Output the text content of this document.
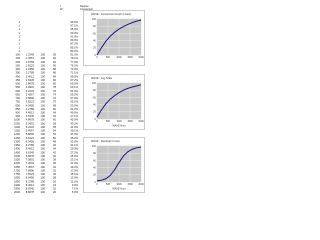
I
W
Degree
Conversion
1	99.0%
1	97.1%
1	95.0%
1	93.0%
1	91.0%
1	89.0%
1	87.2%
1	85.1%
1	83.2%
100 1.2345 100	95	81.0%
150 1.4567 100	94	79.1%
200 1.6789 100	92	77.0%
250 1.8123 100	90	75.2%
300 2.0456 100	88	73.0%
350 2.2789 100	86	71.1%
400 2.4012 100	84	69.0%
450 2.6345 100	82	67.2%
500 2.8678 100	80	65.0%
550 3.0901 100	78	63.1%
600 3.2234 100	76	61.0%
650 3.4567 100	74	59.2%
700 3.6890 100	72	57.0%
750 3.8123 100	70	55.1%
800 4.0456 100	68	53.0%
850 4.2789 100	66	51.2%
900 4.4012 100	64	49.0%
950 4.6345 100	62	47.1%
1000 4.8678 100	60	45.0%
1050 5.0901 100	58	43.2%
1100 5.2234 100	56	41.0%
1150 5.4567 100	54	39.1%
1200 5.6890 100	52	37.0%
1250 5.8123 100	50	35.2%
1300 6.0456 100	48	33.0%
1350 6.2789 100	46	31.1%
1400 6.4012 100	44	29.0%
1450 6.6345 100	42	27.2%
1500 6.8678 100	40	25.0%
1550 7.0901 100	38	23.1%
1600 7.2234 100	36	21.0%
1650 7.4567 100	34	19.2%
1700 7.6890 100	32	17.0%
1750 7.8123 100	30	15.1%
1800 8.0456 100	28	13.0%
1850 8.2789 100	26	11.2%
1900 8.4012 100	24	9.0%
1950 8.6345 100	22	7.1%
2000 8.8678 100	20	5.0%
WAXE : Conversion Graph (Linear)
0
20
40
60
80
100
0	500	1000 1500 2000
WAXE : Log Scale
0
20
40
60
80
100
0	500	1000 1500 2000
WAXE Num
WAXE : Residual Curves
0
20
40
60
80
100
0	500	1000 1500 2000
WAXE Num
